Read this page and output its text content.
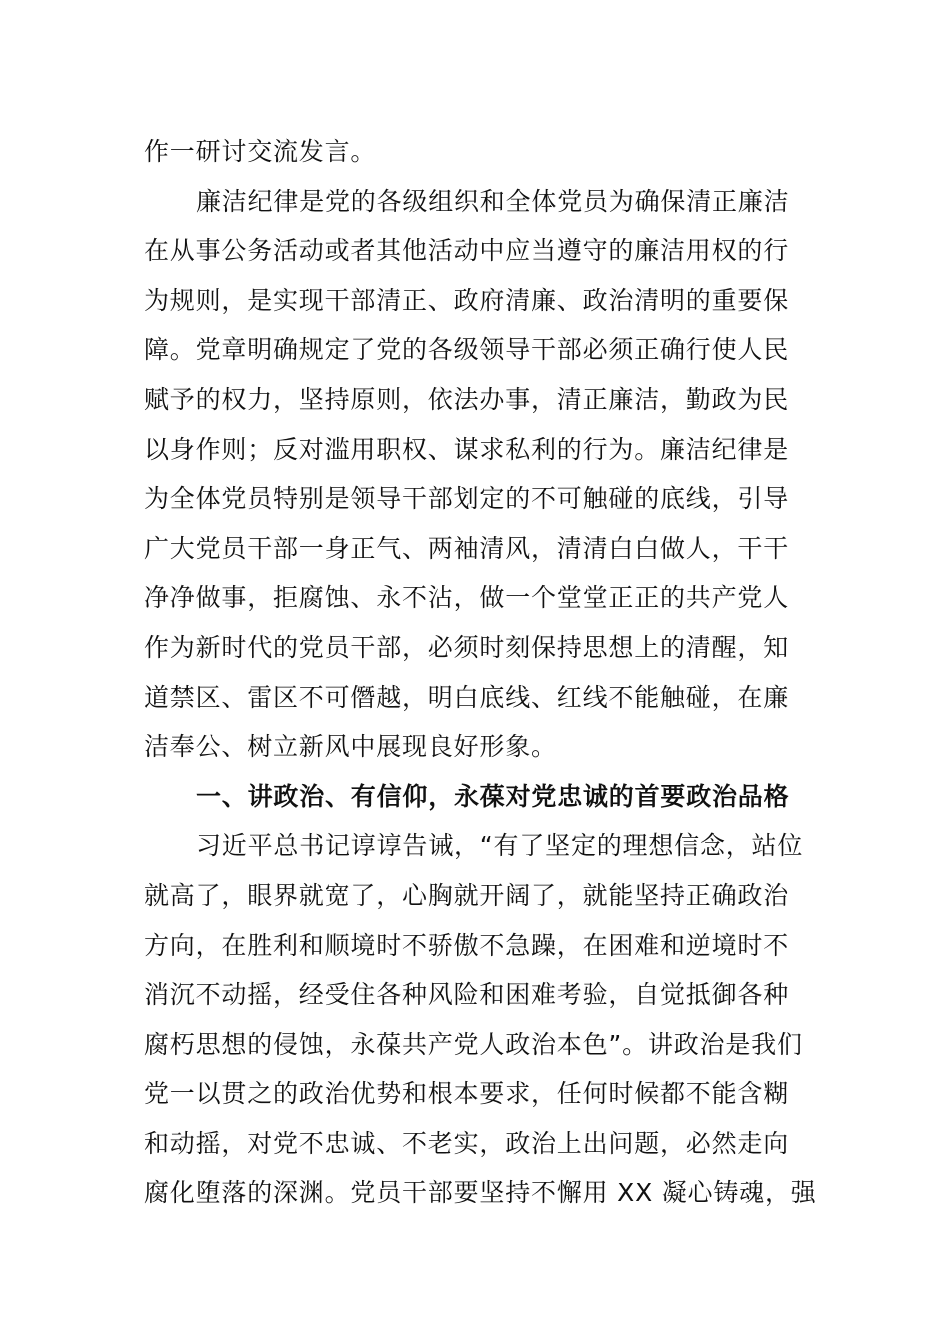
作一研讨交流发言。
廉洁纪律是党的各级组织和全体党员为确保清正廉洁
在从事公务活动或者其他活动中应当遵守的廉洁用权的行
为规则，是实现干部清正、政府清廉、政治清明的重要保
障。党章明确规定了党的各级领导干部必须正确行使人民
赋予的权力，坚持原则，依法办事，清正廉洁，勤政为民
以身作则；反对滥用职权、谋求私利的行为。廉洁纪律是
为全体党员特别是领导干部划定的不可触碰的底线，引导
广大党员干部一身正气、两袖清风，清清白白做人，干干
净净做事，拒腐蚀、永不沾，做一个堂堂正正的共产党人
作为新时代的党员干部，必须时刻保持思想上的清醒，知
道禁区、雷区不可僭越，明白底线、红线不能触碰，在廉
洁奉公、树立新风中展现良好形象。
一、讲政治、有信仰，永葆对党忠诚的首要政治品格
习近平总书记谆谆告诫，“有了坚定的理想信念，站位
就高了，眼界就宽了，心胸就开阔了，就能坚持正确政治
方向，在胜利和顺境时不骄傲不急躁，在困难和逆境时不
消沉不动摇，经受住各种风险和困难考验，自觉抵御各种
腐朽思想的侵蚀，永葆共产党人政治本色”。讲政治是我们
党一以贯之的政治优势和根本要求，任何时候都不能含糊
和动摇，对党不忠诚、不老实，政治上出问题，必然走向
腐化堕落的深渊。党员干部要坚持不懈用 XX 凝心铸魂，强
